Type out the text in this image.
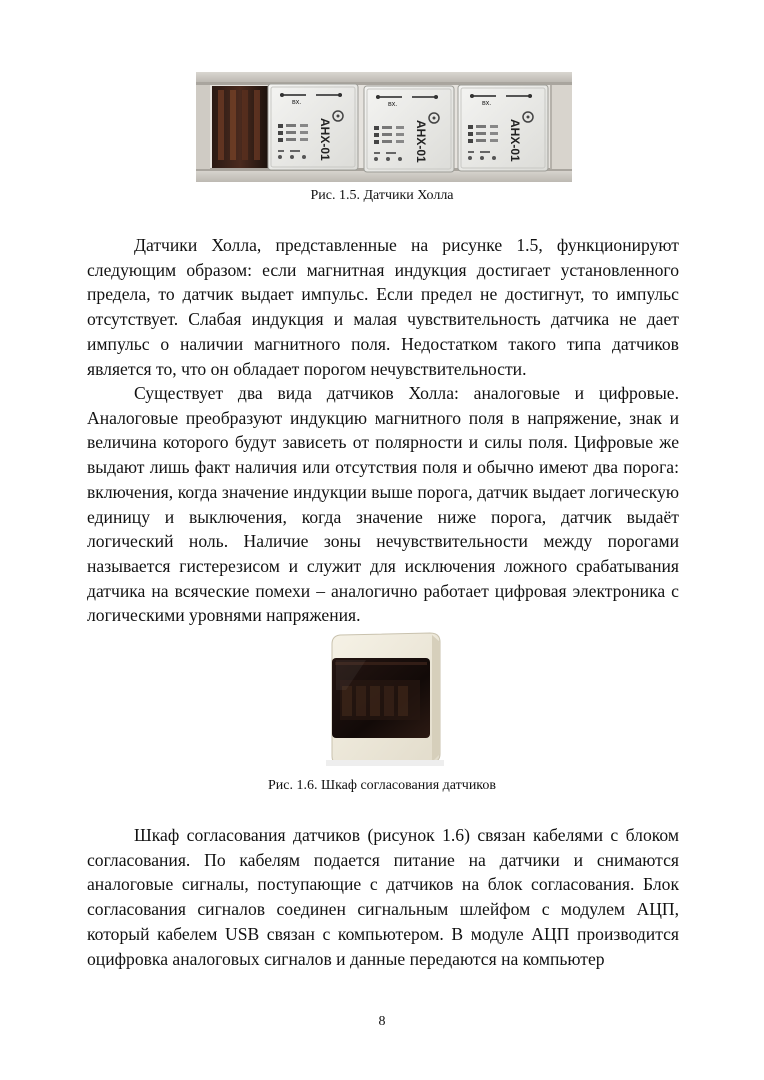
вх.
АНХ-01
вх.
АНХ-01
вх.
АНХ-01
Рис. 1.5. Датчики Холла

Датчики Холла, представленные на рисунке 1.5, функционируют следующим образом: если магнитная индукция достигает установленного предела, то датчик выдает импульс. Если предел не достигнут, то импульс отсутствует. Слабая индукция и малая чувствительность датчика не дает импульс о наличии магнитного поля. Недостатком такого типа датчиков является то, что он обладает порогом нечувствительности.

Существует два вида датчиков Холла: аналоговые и цифровые. Аналоговые преобразуют индукцию магнитного поля в напряжение, знак и величина которого будут зависеть от полярности и силы поля. Цифровые же выдают лишь факт наличия или отсутствия поля и обычно имеют два порога: включения, когда значение индукции выше порога, датчик выдает логическую единицу и выключения, когда значение ниже порога, датчик выдаёт логический ноль. Наличие зоны нечувствительности между порогами называется гистерезисом и служит для исключения ложного срабатывания датчика на всяческие помехи – аналогично работает цифровая электроника с логическими уровнями напряжения.

Рис. 1.6. Шкаф согласования датчиков

Шкаф согласования датчиков (рисунок 1.6) связан кабелями с блоком согласования. По кабелям подается питание на датчики и снимаются аналоговые сигналы, поступающие с датчиков на блок согласования. Блок согласования сигналов соединен сигнальным шлейфом с модулем АЦП, который кабелем USB связан с компьютером. В модуле АЦП производится оцифровка аналоговых сигналов и данные передаются на компьютер

8
